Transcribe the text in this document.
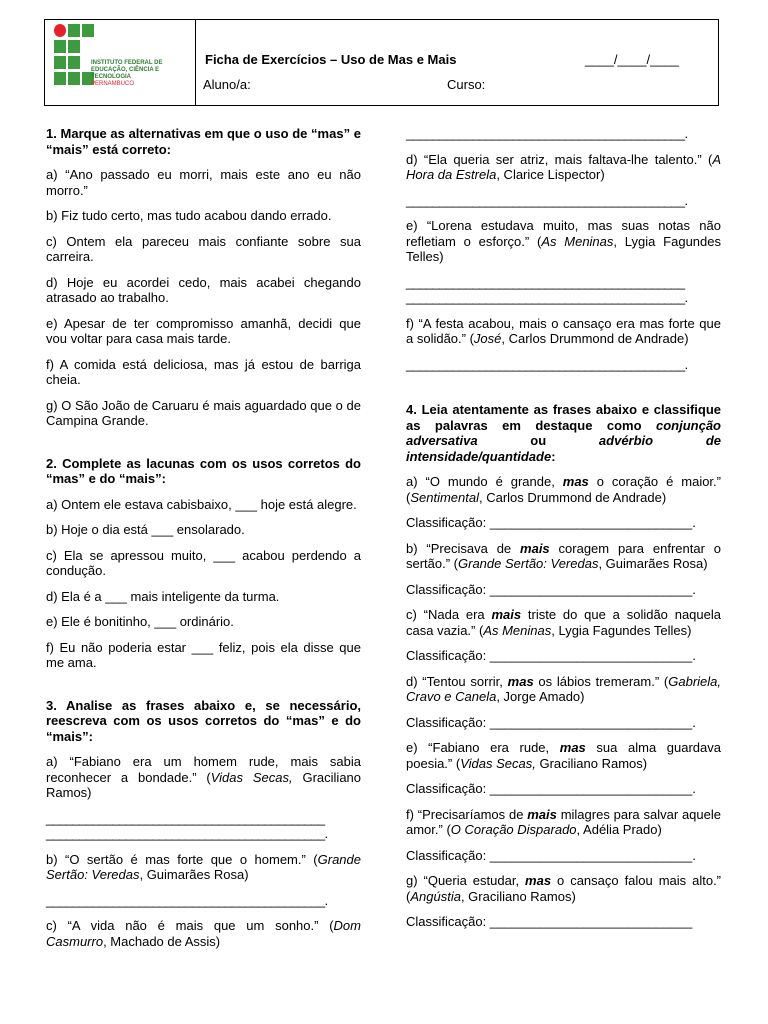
INSTITUTO FEDERAL DE
EDUCAÇÃO, CIÊNCIA E TECNOLOGIA
PERNAMBUCO
Ficha de Exercícios – Uso de Mas e Mais	____/____/____
Aluno/a:	Curso:

1. Marque as alternativas em que o uso de “mas” e “mais” está correto:

a) “Ano passado eu morri, mais este ano eu não morro.”

b) Fiz tudo certo, mas tudo acabou dando errado.

c) Ontem ela pareceu mais confiante sobre sua carreira.

d) Hoje eu acordei cedo, mais acabei chegando atrasado ao trabalho.

e) Apesar de ter compromisso amanhã, decidi que vou voltar para casa mais tarde.

f) A comida está deliciosa, mas já estou de barriga cheia.

g) O São João de Caruaru é mais aguardado que o de Campina Grande.

2. Complete as lacunas com os usos corretos do “mas” e do “mais”:

a) Ontem ele estava cabisbaixo, ___ hoje está alegre.

b) Hoje o dia está ___ ensolarado.

c) Ela se apressou muito, ___ acabou perdendo a condução.

d) Ela é a ___ mais inteligente da turma.

e) Ele é bonitinho, ___ ordinário.

f) Eu não poderia estar ___ feliz, pois ela disse que me ama.

3. Analise as frases abaixo e, se necessário, reescreva com os usos corretos do “mas” e do “mais”:

a) “Fabiano era um homem rude, mais sabia reconhecer a bondade.” (Vidas Secas, Graciliano Ramos)

__________________________________________
__________________________________________.

b) “O sertão é mas forte que o homem.” (Grande Sertão: Veredas, Guimarães Rosa)

__________________________________________.

c) “A vida não é mais que um sonho.” (Dom Casmurro, Machado de Assis)

__________________________________________.

d) “Ela queria ser atriz, mais faltava-lhe talento.” (A Hora da Estrela, Clarice Lispector)

__________________________________________.

e) “Lorena estudava muito, mas suas notas não refletiam o esforço.” (As Meninas, Lygia Fagundes Telles)

__________________________________________
__________________________________________.

f) “A festa acabou, mais o cansaço era mas forte que a solidão.” (José, Carlos Drummond de Andrade)

__________________________________________.

4. Leia atentamente as frases abaixo e classifique as palavras em destaque como conjunção adversativa ou advérbio de intensidade/quantidade:

a) “O mundo é grande, mas o coração é maior.” (Sentimental, Carlos Drummond de Andrade)

Classificação: ____________________________.

b) “Precisava de mais coragem para enfrentar o sertão.” (Grande Sertão: Veredas, Guimarães Rosa)

Classificação: ____________________________.

c) “Nada era mais triste do que a solidão naquela casa vazia.” (As Meninas, Lygia Fagundes Telles)

Classificação: ____________________________.

d) “Tentou sorrir, mas os lábios tremeram.” (Gabriela, Cravo e Canela, Jorge Amado)

Classificação: ____________________________.

e) “Fabiano era rude, mas sua alma guardava poesia.” (Vidas Secas, Graciliano Ramos)

Classificação: ____________________________.

f) “Precisaríamos de mais milagres para salvar aquele amor.” (O Coração Disparado, Adélia Prado)

Classificação: ____________________________.

g) “Queria estudar, mas o cansaço falou mais alto.” (Angústia, Graciliano Ramos)

Classificação: ____________________________
